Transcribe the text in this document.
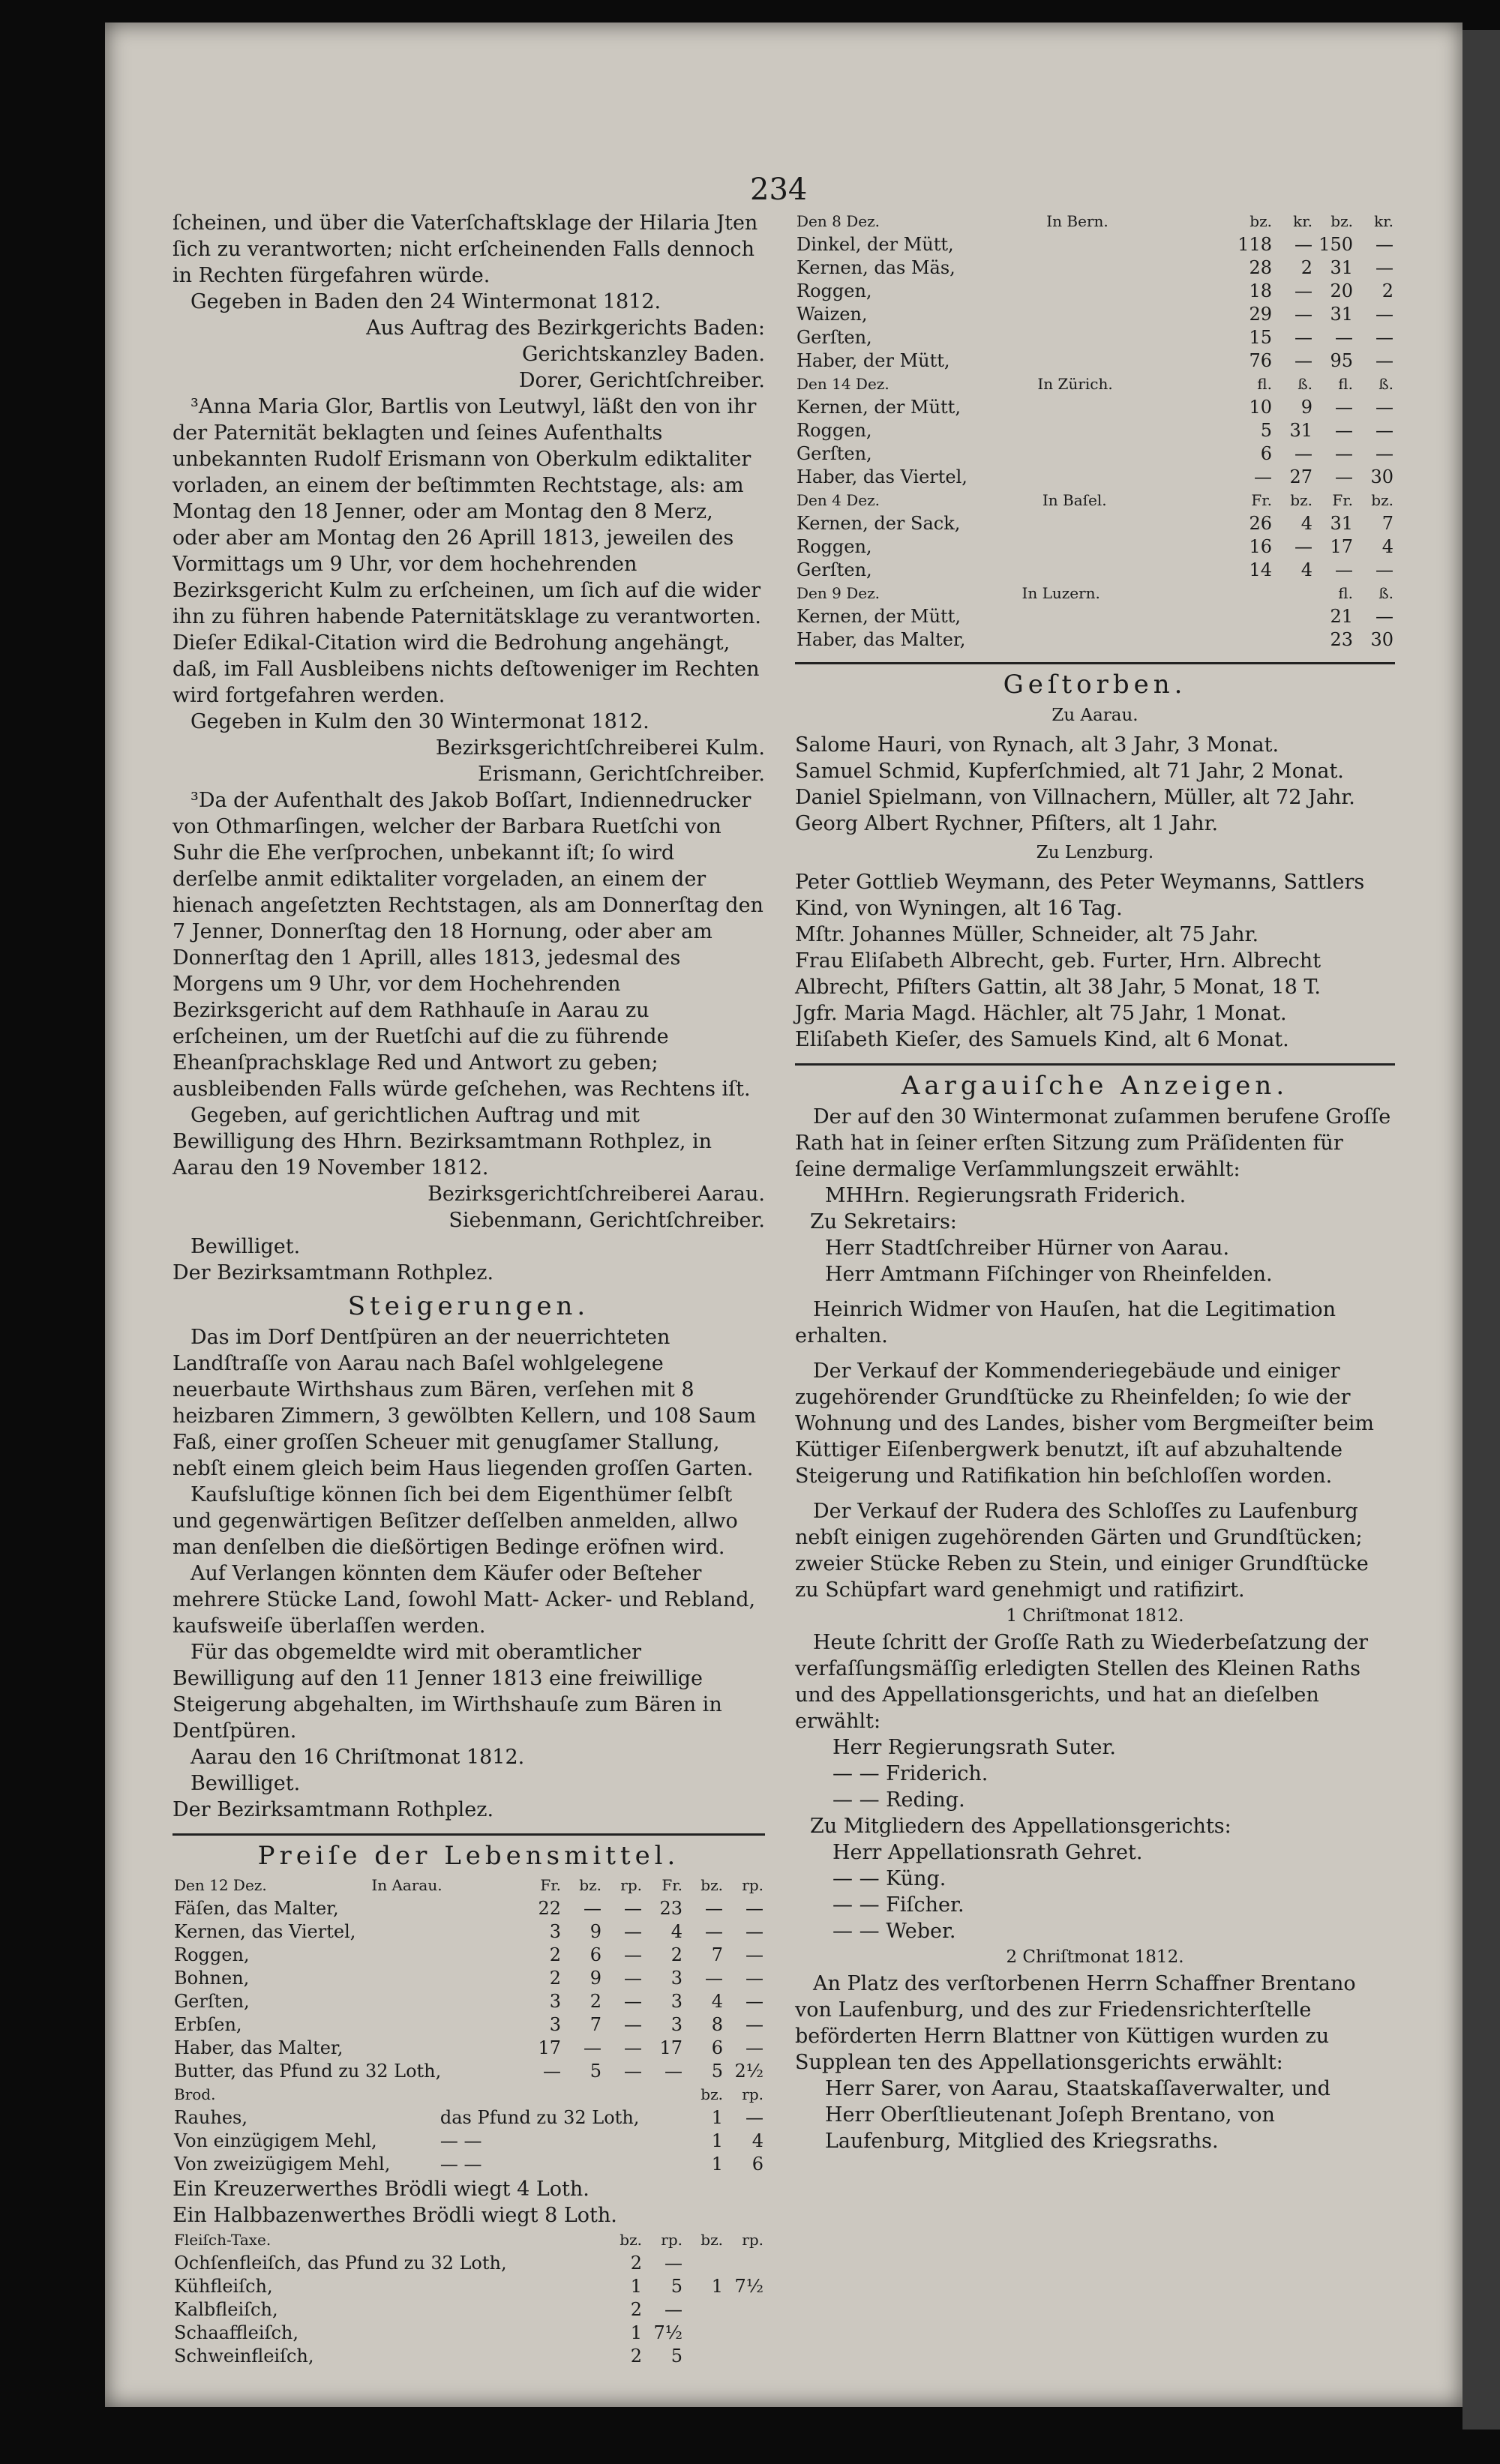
234

ſcheinen, und über die Vaterſchaftsklage der Hilaria Jten ſich zu verantworten; nicht erſcheinenden Falls dennoch in Rechten fürgefahren würde.

Gegeben in Baden den 24 Wintermonat 1812.

Aus Auftrag des Bezirkgerichts Baden:

Gerichtskanzley Baden.

Dorer, Gerichtſchreiber.

³Anna Maria Glor, Bartlis von Leutwyl, läßt den von ihr der Paternität beklagten und ſeines Aufenthalts unbekannten Rudolf Erismann von Oberkulm ediktaliter vorladen, an einem der beſtimmten Rechtstage, als: am Montag den 18 Jenner, oder am Montag den 8 Merz, oder aber am Montag den 26 Aprill 1813, jeweilen des Vormittags um 9 Uhr, vor dem hochehrenden Bezirksgericht Kulm zu erſcheinen, um ſich auf die wider ihn zu führen habende Paternitätsklage zu verantworten. Dieſer Edikal-Citation wird die Bedrohung angehängt, daß, im Fall Ausbleibens nichts deſtoweniger im Rechten wird fortgefahren werden.

Gegeben in Kulm den 30 Wintermonat 1812.

Bezirksgerichtſchreiberei Kulm.

Erismann, Gerichtſchreiber.

³Da der Aufenthalt des Jakob Boſſart, Indiennedrucker von Othmarſingen, welcher der Barbara Ruetſchi von Suhr die Ehe verſprochen, unbekannt iſt; ſo wird derſelbe anmit ediktaliter vorgeladen, an einem der hienach angeſetzten Rechtstagen, als am Donnerſtag den 7 Jenner, Donnerſtag den 18 Hornung, oder aber am Donnerſtag den 1 Aprill, alles 1813, jedesmal des Morgens um 9 Uhr, vor dem Hochehrenden Bezirksgericht auf dem Rathhauſe in Aarau zu erſcheinen, um der Ruetſchi auf die zu führende Eheanſprachsklage Red und Antwort zu geben; ausbleibenden Falls würde geſchehen, was Rechtens iſt.

Gegeben, auf gerichtlichen Auftrag und mit Bewilligung des Hhrn. Bezirksamtmann Rothplez, in Aarau den 19 November 1812.

Bezirksgerichtſchreiberei Aarau.

Siebenmann, Gerichtſchreiber.

Bewilliget.

Der Bezirksamtmann Rothplez.

Steigerungen.

Das im Dorf Dentſpüren an der neuerrichteten Landſtraſſe von Aarau nach Baſel wohlgelegene neuerbaute Wirthshaus zum Bären, verſehen mit 8 heizbaren Zimmern, 3 gewölbten Kellern, und 108 Saum Faß, einer groſſen Scheuer mit genugſamer Stallung, nebſt einem gleich beim Haus liegenden groſſen Garten.

Kaufsluſtige können ſich bei dem Eigenthümer ſelbſt und gegenwärtigen Beſitzer deſſelben anmelden, allwo man denſelben die dießörtigen Bedinge eröfnen wird.

Auf Verlangen könnten dem Käufer oder Beſteher mehrere Stücke Land, ſowohl Matt- Acker- und Rebland, kaufsweiſe überlaſſen werden.

Für das obgemeldte wird mit oberamtlicher Bewilligung auf den 11 Jenner 1813 eine freiwillige Steigerung abgehalten, im Wirthshauſe zum Bären in Dentſpüren.

Aarau den 16 Chriſtmonat 1812.

Bewilliget.

Der Bezirksamtmann Rothplez.

Preiſe der Lebensmittel.
Den 12 Dez.	In Aarau.	Fr.	bz.	rp.	Fr.	bz.	rp.
Fäſen, das Malter,		22	—	—	23	—	—
Kernen, das Viertel,		3	9	—	4	—	—
Roggen,		2	6	—	2	7	—
Bohnen,		2	9	—	3	—	—
Gerſten,		3	2	—	3	4	—
Erbſen,		3	7	—	3	8	—
Haber, das Malter,		17	—	—	17	6	—
Butter, das Pfund zu 32 Loth,		—	5	—	—	5	2½
Brod.		bz.	rp.
Rauhes,	das Pfund zu 32 Loth,	1	—
Von einzügigem Mehl,	— —	1	4
Von zweizügigem Mehl,	— —	1	6

Ein Kreuzerwerthes Brödli wiegt 4 Loth.

Ein Halbbazenwerthes Brödli wiegt 8 Loth.

Fleiſch-Taxe.	bz.	rp.	bz.	rp.
Ochſenfleiſch, das Pfund zu 32 Loth,	2	—		
Kühfleiſch,	1	5	1	7½
Kalbfleiſch,	2	—		
Schaaffleiſch,	1	7½		
Schweinfleiſch,	2	5		
Den 8 Dez.	In Bern.	bz.	kr.	bz.	kr.
Dinkel, der Mütt,		118	—	150	—
Kernen, das Mäs,		28	2	31	—
Roggen,		18	—	20	2
Waizen,		29	—	31	—
Gerſten,		15	—	—	—
Haber, der Mütt,		76	—	95	—
Den 14 Dez.	In Zürich.	fl.	ß.	fl.	ß.
Kernen, der Mütt,		10	9	—	—
Roggen,		5	31	—	—
Gerſten,		6	—	—	—
Haber, das Viertel,		—	27	—	30
Den 4 Dez.	In Baſel.	Fr.	bz.	Fr.	bz.
Kernen, der Sack,		26	4	31	7
Roggen,		16	—	17	4
Gerſten,		14	4	—	—
Den 9 Dez.	In Luzern.			fl.	ß.
Kernen, der Mütt,				21	—
Haber, das Malter,				23	30
Geſtorben.
Zu Aarau.

Salome Hauri, von Rynach, alt 3 Jahr, 3 Monat.

Samuel Schmid, Kupferſchmied, alt 71 Jahr, 2 Monat.

Daniel Spielmann, von Villnachern, Müller, alt 72 Jahr.

Georg Albert Rychner, Pfiſters, alt 1 Jahr.

Zu Lenzburg.

Peter Gottlieb Weymann, des Peter Weymanns, Sattlers Kind, von Wyningen, alt 16 Tag.

Mſtr. Johannes Müller, Schneider, alt 75 Jahr.

Frau Eliſabeth Albrecht, geb. Furter, Hrn. Albrecht Albrecht, Pfiſters Gattin, alt 38 Jahr, 5 Monat, 18 T.

Jgfr. Maria Magd. Hächler, alt 75 Jahr, 1 Monat.

Eliſabeth Kieſer, des Samuels Kind, alt 6 Monat.

Aargauiſche Anzeigen.

Der auf den 30 Wintermonat zuſammen berufene Groſſe Rath hat in ſeiner erſten Sitzung zum Präſidenten für ſeine dermalige Verſammlungszeit erwählt:

MHHrn. Regierungsrath Friderich.

Zu Sekretairs:

Herr Stadtſchreiber Hürner von Aarau.

Herr Amtmann Fiſchinger von Rheinfelden.

Heinrich Widmer von Hauſen, hat die Legitimation erhalten.

Der Verkauf der Kommenderiegebäude und einiger zugehörender Grundſtücke zu Rheinfelden; ſo wie der Wohnung und des Landes, bisher vom Bergmeiſter beim Küttiger Eiſenbergwerk benutzt, iſt auf abzuhaltende Steigerung und Ratifikation hin beſchloſſen worden.

Der Verkauf der Rudera des Schloſſes zu Laufenburg nebſt einigen zugehörenden Gärten und Grundſtücken; zweier Stücke Reben zu Stein, und einiger Grundſtücke zu Schüpfart ward genehmigt und ratifizirt.

1 Chriſtmonat 1812.

Heute ſchritt der Groſſe Rath zu Wiederbeſatzung der verfaſſungsmäſſig erledigten Stellen des Kleinen Raths und des Appellationsgerichts, und hat an dieſelben erwählt:

Herr Regierungsrath Suter.

— — Friderich.

— — Reding.

Zu Mitgliedern des Appellationsgerichts:

Herr Appellationsrath Gehret.

— — Küng.

— — Fiſcher.

— — Weber.

2 Chriſtmonat 1812.

An Platz des verſtorbenen Herrn Schaffner Brentano von Laufenburg, und des zur Friedensrichterſtelle beförderten Herrn Blattner von Küttigen wurden zu Supplean ten des Appellationsgerichts erwählt:

Herr Sarer, von Aarau, Staatskaſſaverwalter, und

Herr Oberſtlieutenant Joſeph Brentano, von Laufenburg, Mitglied des Kriegsraths.
